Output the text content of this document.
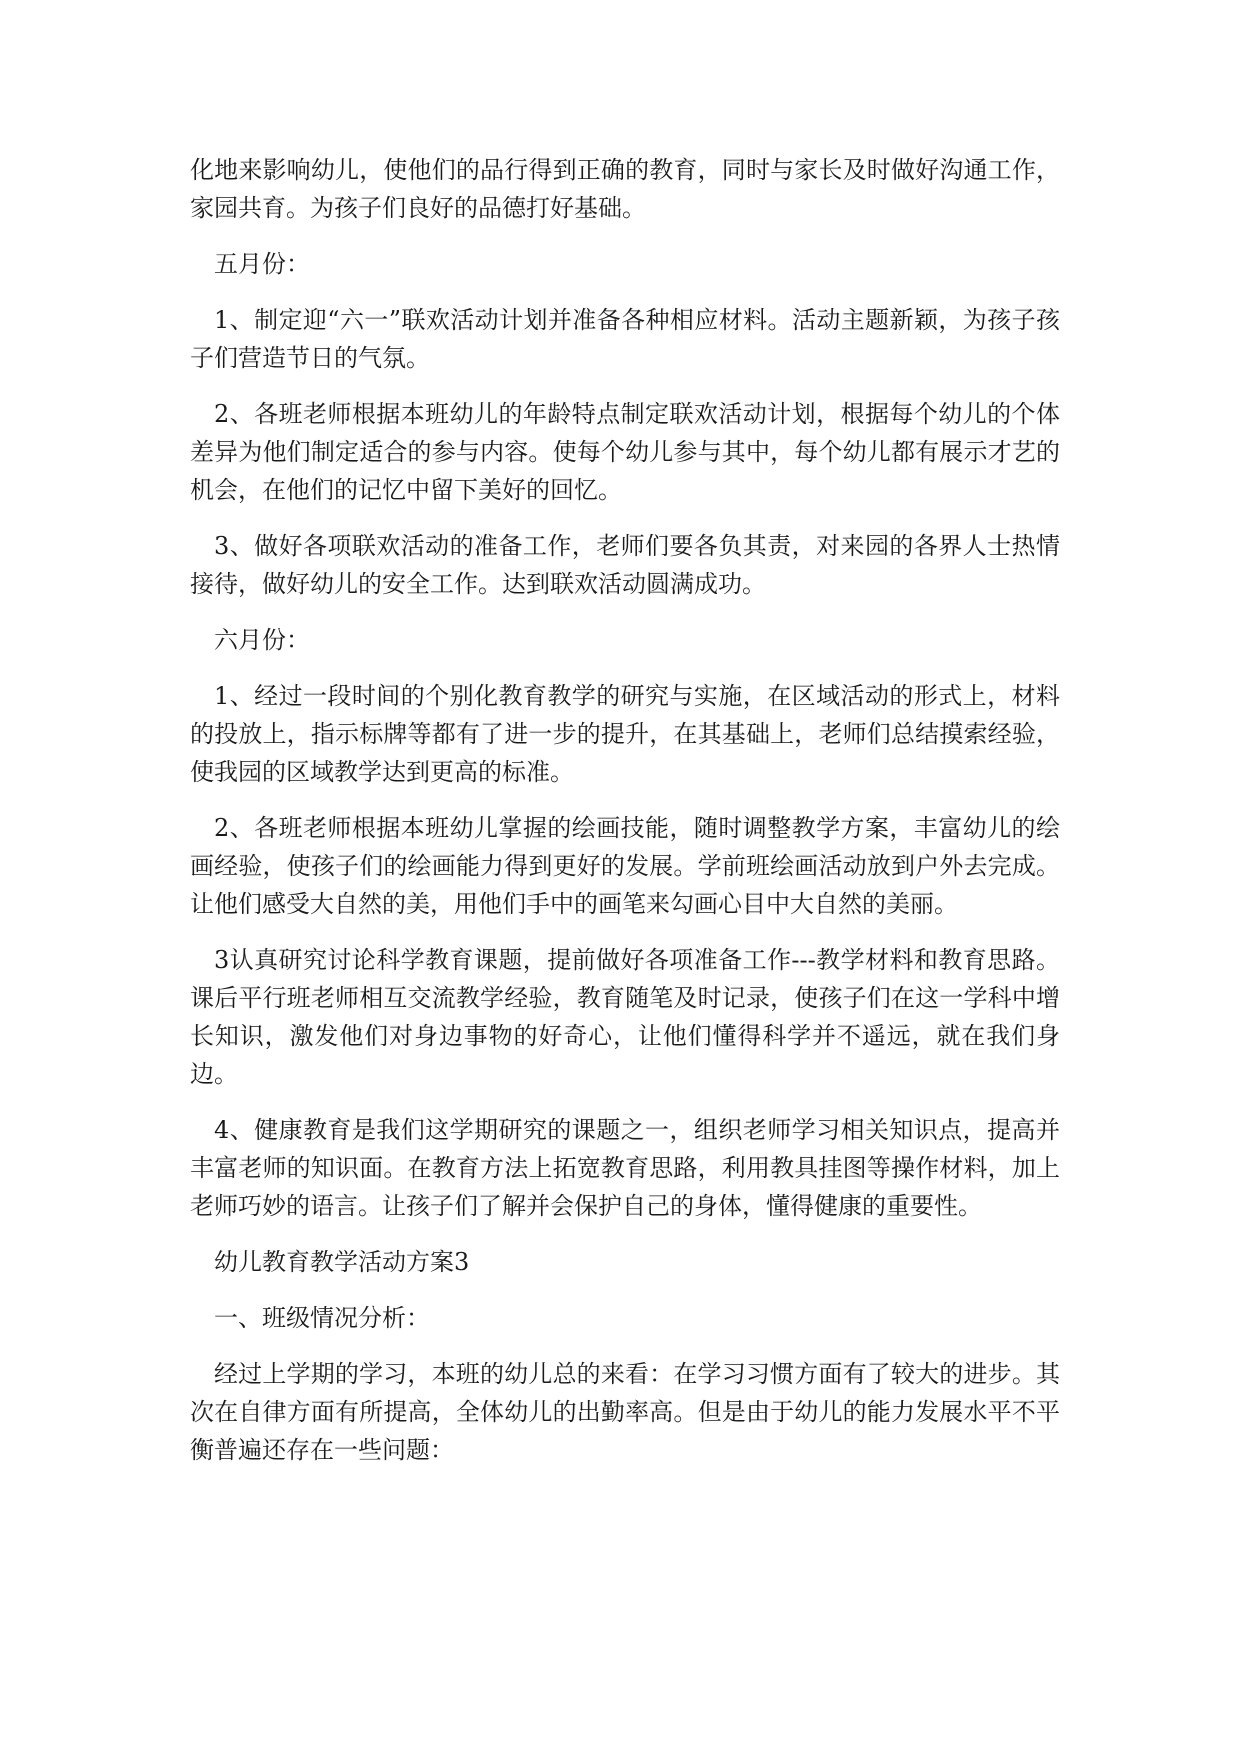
化地来影响幼儿，使他们的品行得到正确的教育，同时与家长及时做好沟通工作，家园共育。为孩子们良好的品德打好基础。

五月份：

1、制定迎“六一”联欢活动计划并准备各种相应材料。活动主题新颖，为孩子孩子们营造节日的气氛。

2、各班老师根据本班幼儿的年龄特点制定联欢活动计划，根据每个幼儿的个体差异为他们制定适合的参与内容。使每个幼儿参与其中，每个幼儿都有展示才艺的机会，在他们的记忆中留下美好的回忆。

3、做好各项联欢活动的准备工作，老师们要各负其责，对来园的各界人士热情接待，做好幼儿的安全工作。达到联欢活动圆满成功。

六月份：

1、经过一段时间的个别化教育教学的研究与实施，在区域活动的形式上，材料的投放上，指示标牌等都有了进一步的提升，在其基础上，老师们总结摸索经验，使我园的区域教学达到更高的标准。

2、各班老师根据本班幼儿掌握的绘画技能，随时调整教学方案，丰富幼儿的绘画经验，使孩子们的绘画能力得到更好的发展。学前班绘画活动放到户外去完成。让他们感受大自然的美，用他们手中的画笔来勾画心目中大自然的美丽。

3认真研究讨论科学教育课题，提前做好各项准备工作---教学材料和教育思路。课后平行班老师相互交流教学经验，教育随笔及时记录，使孩子们在这一学科中增长知识，激发他们对身边事物的好奇心，让他们懂得科学并不遥远，就在我们身边。

4、健康教育是我们这学期研究的课题之一，组织老师学习相关知识点，提高并丰富老师的知识面。在教育方法上拓宽教育思路，利用教具挂图等操作材料，加上老师巧妙的语言。让孩子们了解并会保护自己的身体，懂得健康的重要性。

幼儿教育教学活动方案3

一、班级情况分析：

经过上学期的学习，本班的幼儿总的来看：在学习习惯方面有了较大的进步。其次在自律方面有所提高，全体幼儿的出勤率高。但是由于幼儿的能力发展水平不平衡普遍还存在一些问题：
